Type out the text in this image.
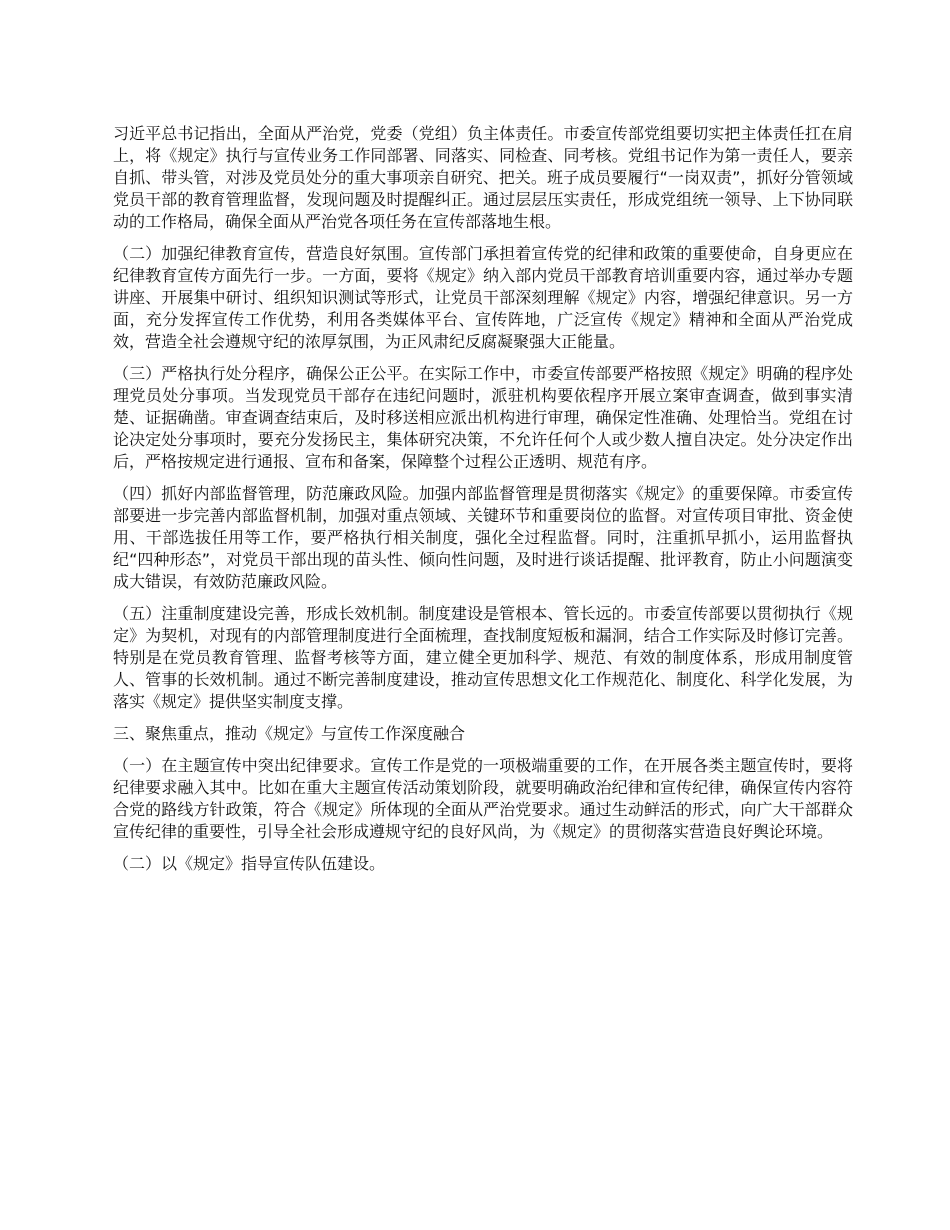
习近平总书记指出，全面从严治党，党委（党组）负主体责任。市委宣传部党组要切实把主体责任扛在肩上，将《规定》执行与宣传业务工作同部署、同落实、同检查、同考核。党组书记作为第一责任人，要亲自抓、带头管，对涉及党员处分的重大事项亲自研究、把关。班子成员要履行“一岗双责”，抓好分管领域党员干部的教育管理监督，发现问题及时提醒纠正。通过层层压实责任，形成党组统一领导、上下协同联动的工作格局，确保全面从严治党各项任务在宣传部落地生根。

（二）加强纪律教育宣传，营造良好氛围。宣传部门承担着宣传党的纪律和政策的重要使命，自身更应在纪律教育宣传方面先行一步。一方面，要将《规定》纳入部内党员干部教育培训重要内容，通过举办专题讲座、开展集中研讨、组织知识测试等形式，让党员干部深刻理解《规定》内容，增强纪律意识。另一方面，充分发挥宣传工作优势，利用各类媒体平台、宣传阵地，广泛宣传《规定》精神和全面从严治党成效，营造全社会遵规守纪的浓厚氛围，为正风肃纪反腐凝聚强大正能量。

（三）严格执行处分程序，确保公正公平。在实际工作中，市委宣传部要严格按照《规定》明确的程序处理党员处分事项。当发现党员干部存在违纪问题时，派驻机构要依程序开展立案审查调查，做到事实清楚、证据确凿。审查调查结束后，及时移送相应派出机构进行审理，确保定性准确、处理恰当。党组在讨论决定处分事项时，要充分发扬民主，集体研究决策，不允许任何个人或少数人擅自决定。处分决定作出后，严格按规定进行通报、宣布和备案，保障整个过程公正透明、规范有序。

（四）抓好内部监督管理，防范廉政风险。加强内部监督管理是贯彻落实《规定》的重要保障。市委宣传部要进一步完善内部监督机制，加强对重点领域、关键环节和重要岗位的监督。对宣传项目审批、资金使用、干部选拔任用等工作，要严格执行相关制度，强化全过程监督。同时，注重抓早抓小，运用监督执纪“四种形态”，对党员干部出现的苗头性、倾向性问题，及时进行谈话提醒、批评教育，防止小问题演变成大错误，有效防范廉政风险。

（五）注重制度建设完善，形成长效机制。制度建设是管根本、管长远的。市委宣传部要以贯彻执行《规定》为契机，对现有的内部管理制度进行全面梳理，查找制度短板和漏洞，结合工作实际及时修订完善。特别是在党员教育管理、监督考核等方面，建立健全更加科学、规范、有效的制度体系，形成用制度管人、管事的长效机制。通过不断完善制度建设，推动宣传思想文化工作规范化、制度化、科学化发展，为落实《规定》提供坚实制度支撑。

三、聚焦重点，推动《规定》与宣传工作深度融合

（一）在主题宣传中突出纪律要求。宣传工作是党的一项极端重要的工作，在开展各类主题宣传时，要将纪律要求融入其中。比如在重大主题宣传活动策划阶段，就要明确政治纪律和宣传纪律，确保宣传内容符合党的路线方针政策，符合《规定》所体现的全面从严治党要求。通过生动鲜活的形式，向广大干部群众宣传纪律的重要性，引导全社会形成遵规守纪的良好风尚，为《规定》的贯彻落实营造良好舆论环境。

（二）以《规定》指导宣传队伍建设。
